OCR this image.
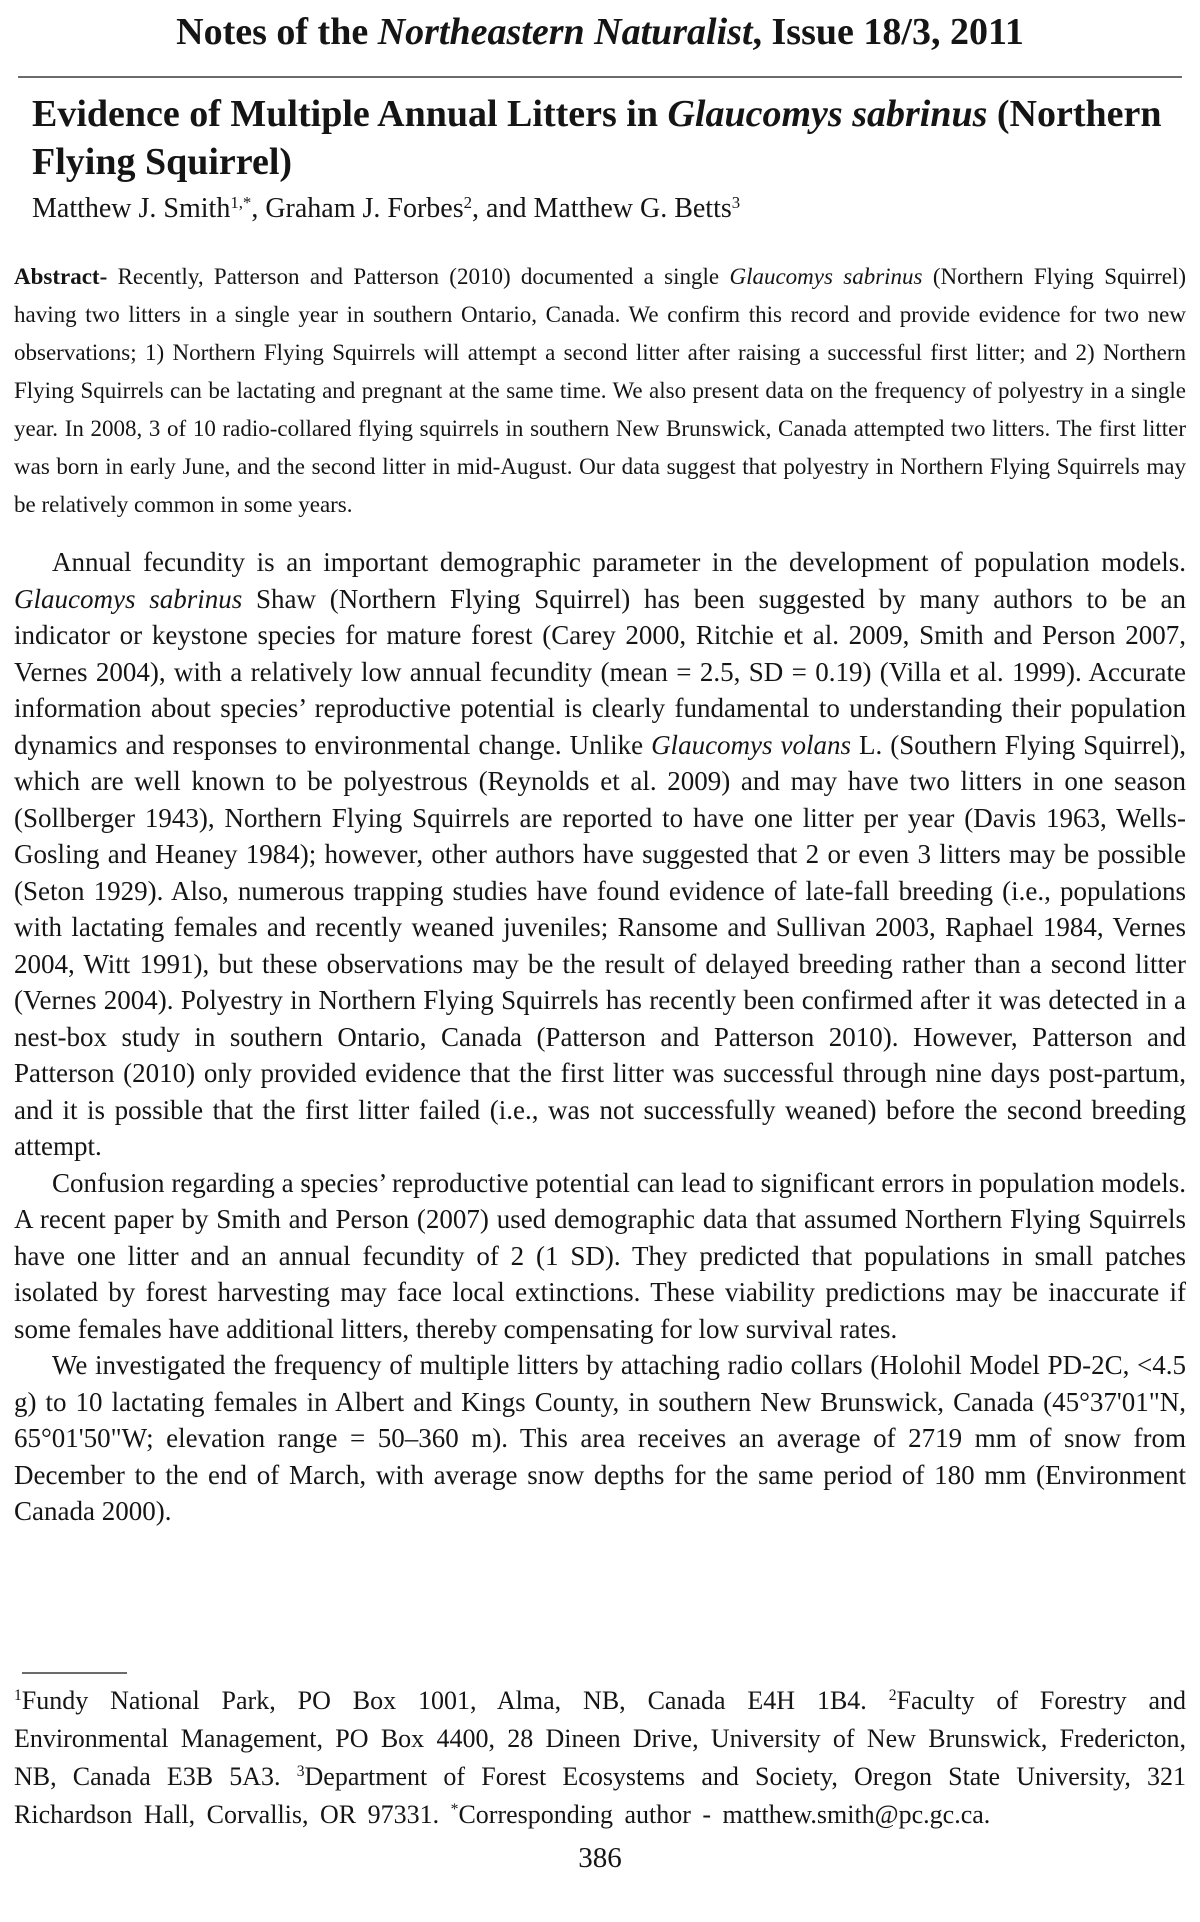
Notes of the Northeastern Naturalist, Issue 18/3, 2011
Evidence of Multiple Annual Litters in Glaucomys sabrinus (Northern Flying Squirrel)
Matthew J. Smith$^{1,*}$, Graham J. Forbes$^2$, and Matthew G. Betts$^3$

Abstract- Recently, Patterson and Patterson (2010) documented a single Glaucomys sabrinus (Northern Flying Squirrel) having two litters in a single year in southern Ontario, Canada. We confirm this record and provide evidence for two new observations; 1) Northern Flying Squirrels will attempt a second litter after raising a successful first litter; and 2) Northern Flying Squirrels can be lactating and pregnant at the same time. We also present data on the frequency of polyestry in a single year. In 2008, 3 of 10 radio-collared flying squirrels in southern New Brunswick, Canada attempted two litters. The first litter was born in early June, and the second litter in mid-August. Our data suggest that polyestry in Northern Flying Squirrels may be relatively common in some years.

Annual fecundity is an important demographic parameter in the development of population models. Glaucomys sabrinus Shaw (Northern Flying Squirrel) has been suggested by many authors to be an indicator or keystone species for mature forest (Carey 2000, Ritchie et al. 2009, Smith and Person 2007, Vernes 2004), with a relatively low annual fecundity (mean = 2.5, SD = 0.19) (Villa et al. 1999). Accurate information about species’ reproductive potential is clearly fundamental to understanding their population dynamics and responses to environmental change. Unlike Glaucomys volans L. (Southern Flying Squirrel), which are well known to be polyestrous (Reynolds et al. 2009) and may have two litters in one season (Sollberger 1943), Northern Flying Squirrels are reported to have one litter per year (Davis 1963, Wells-Gosling and Heaney 1984); however, other authors have suggested that 2 or even 3 litters may be possible (Seton 1929). Also, numerous trapping studies have found evidence of late-fall breeding (i.e., populations with lactating females and recently weaned juveniles; Ransome and Sullivan 2003, Raphael 1984, Vernes 2004, Witt 1991), but these observations may be the result of delayed breeding rather than a second litter (Vernes 2004). Polyestry in Northern Flying Squirrels has recently been confirmed after it was detected in a nest-box study in southern Ontario, Canada (Patterson and Patterson 2010). However, Patterson and Patterson (2010) only provided evidence that the first litter was successful through nine days post-partum, and it is possible that the first litter failed (i.e., was not successfully weaned) before the second breeding attempt.

Confusion regarding a species’ reproductive potential can lead to significant errors in population models. A recent paper by Smith and Person (2007) used demographic data that assumed Northern Flying Squirrels have one litter and an annual fecundity of 2 (1 SD). They predicted that populations in small patches isolated by forest harvesting may face local extinctions. These viability predictions may be inaccurate if some females have additional litters, thereby compensating for low survival rates.

We investigated the frequency of multiple litters by attaching radio collars (Holohil Model PD-2C, <4.5 g) to 10 lactating females in Albert and Kings County, in southern New Brunswick, Canada (45°37'01"N, 65°01'50"W; elevation range = 50–360 m). This area receives an average of 2719 mm of snow from December to the end of March, with average snow depths for the same period of 180 mm (Environment Canada 2000).

$^1$Fundy National Park, PO Box 1001, Alma, NB, Canada E4H 1B4. $^2$Faculty of Forestry and Environmental Management, PO Box 4400, 28 Dineen Drive, University of New Brunswick, Fredericton, NB, Canada E3B 5A3. $^3$Department of Forest Ecosystems and Society, Oregon State University, 321 Richardson Hall, Corvallis, OR 97331. *Corresponding author - matthew.smith@pc.gc.ca.

386
